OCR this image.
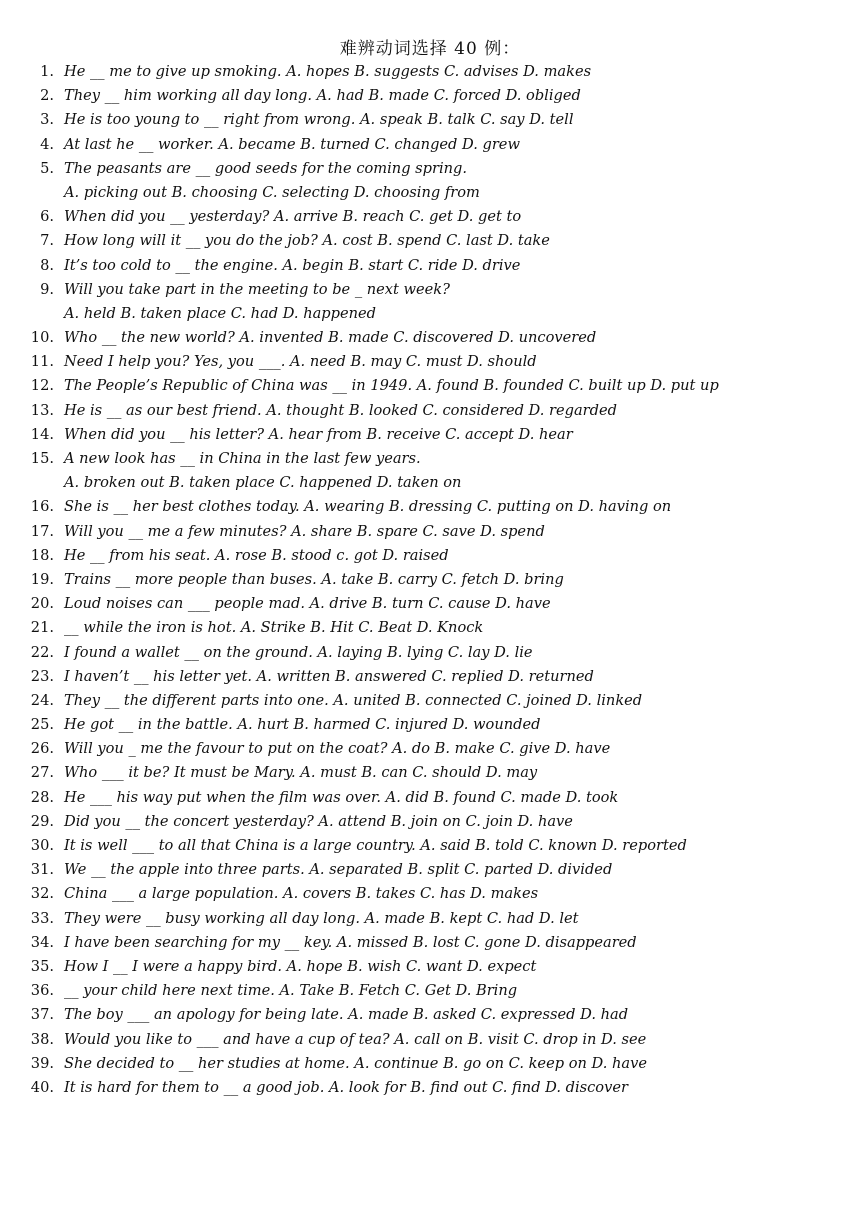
难辨动词选择 40 例：
1. He __ me to give up smoking. A. hopes B. suggests C. advises D. makes
2. They __ him working all day long. A. had B. made C. forced D. obliged
3. He is too young to __ right from wrong. A. speak B. talk C. say D. tell
4. At last he __ worker. A. became B. turned C. changed D. grew
5. The peasants are __ good seeds for the coming spring.
A. picking out B. choosing C. selecting D. choosing from
6. When did you __ yesterday? A. arrive B. reach C. get D. get to
7. How long will it __ you do the job? A. cost B. spend C. last D. take
8. It’s too cold to __ the engine. A. begin B. start C. ride D. drive
9. Will you take part in the meeting to be _ next week?
A. held B. taken place C. had D. happened
10. Who __ the new world? A. invented B. made C. discovered D. uncovered
11. Need I help you? Yes, you ___. A. need B. may C. must D. should
12. The People’s Republic of China was __ in 1949. A. found B. founded C. built up D. put up
13. He is __ as our best friend. A. thought B. looked C. considered D. regarded
14. When did you __ his letter? A. hear from B. receive C. accept D. hear
15. A new look has __ in China in the last few years.
A. broken out B. taken place C. happened D. taken on
16. She is __ her best clothes today. A. wearing B. dressing C. putting on D. having on
17. Will you __ me a few minutes? A. share B. spare C. save D. spend
18. He __ from his seat. A. rose B. stood c. got D. raised
19. Trains __ more people than buses. A. take B. carry C. fetch D. bring
20. Loud noises can ___ people mad. A. drive B. turn C. cause D. have
21. __ while the iron is hot. A. Strike B. Hit C. Beat D. Knock
22. I found a wallet __ on the ground. A. laying B. lying C. lay D. lie
23. I haven’t __ his letter yet. A. written B. answered C. replied D. returned
24. They __ the different parts into one. A. united B. connected C. joined D. linked
25. He got __ in the battle. A. hurt B. harmed C. injured D. wounded
26. Will you _ me the favour to put on the coat? A. do B. make C. give D. have
27. Who ___ it be? It must be Mary. A. must B. can C. should D. may
28. He ___ his way put when the film was over. A. did B. found C. made D. took
29. Did you __ the concert yesterday? A. attend B. join on C. join D. have
30. It is well ___ to all that China is a large country. A. said B. told C. known D. reported
31. We __ the apple into three parts. A. separated B. split C. parted D. divided
32. China ___ a large population. A. covers B. takes C. has D. makes
33. They were __ busy working all day long. A. made B. kept C. had D. let
34. I have been searching for my __ key. A. missed B. lost C. gone D. disappeared
35. How I __ I were a happy bird. A. hope B. wish C. want D. expect
36. __ your child here next time. A. Take B. Fetch C. Get D. Bring
37. The boy ___ an apology for being late. A. made B. asked C. expressed D. had
38. Would you like to ___ and have a cup of tea? A. call on B. visit C. drop in D. see
39. She decided to __ her studies at home. A. continue B. go on C. keep on D. have
40. It is hard for them to __ a good job. A. look for B. find out C. find D. discover
